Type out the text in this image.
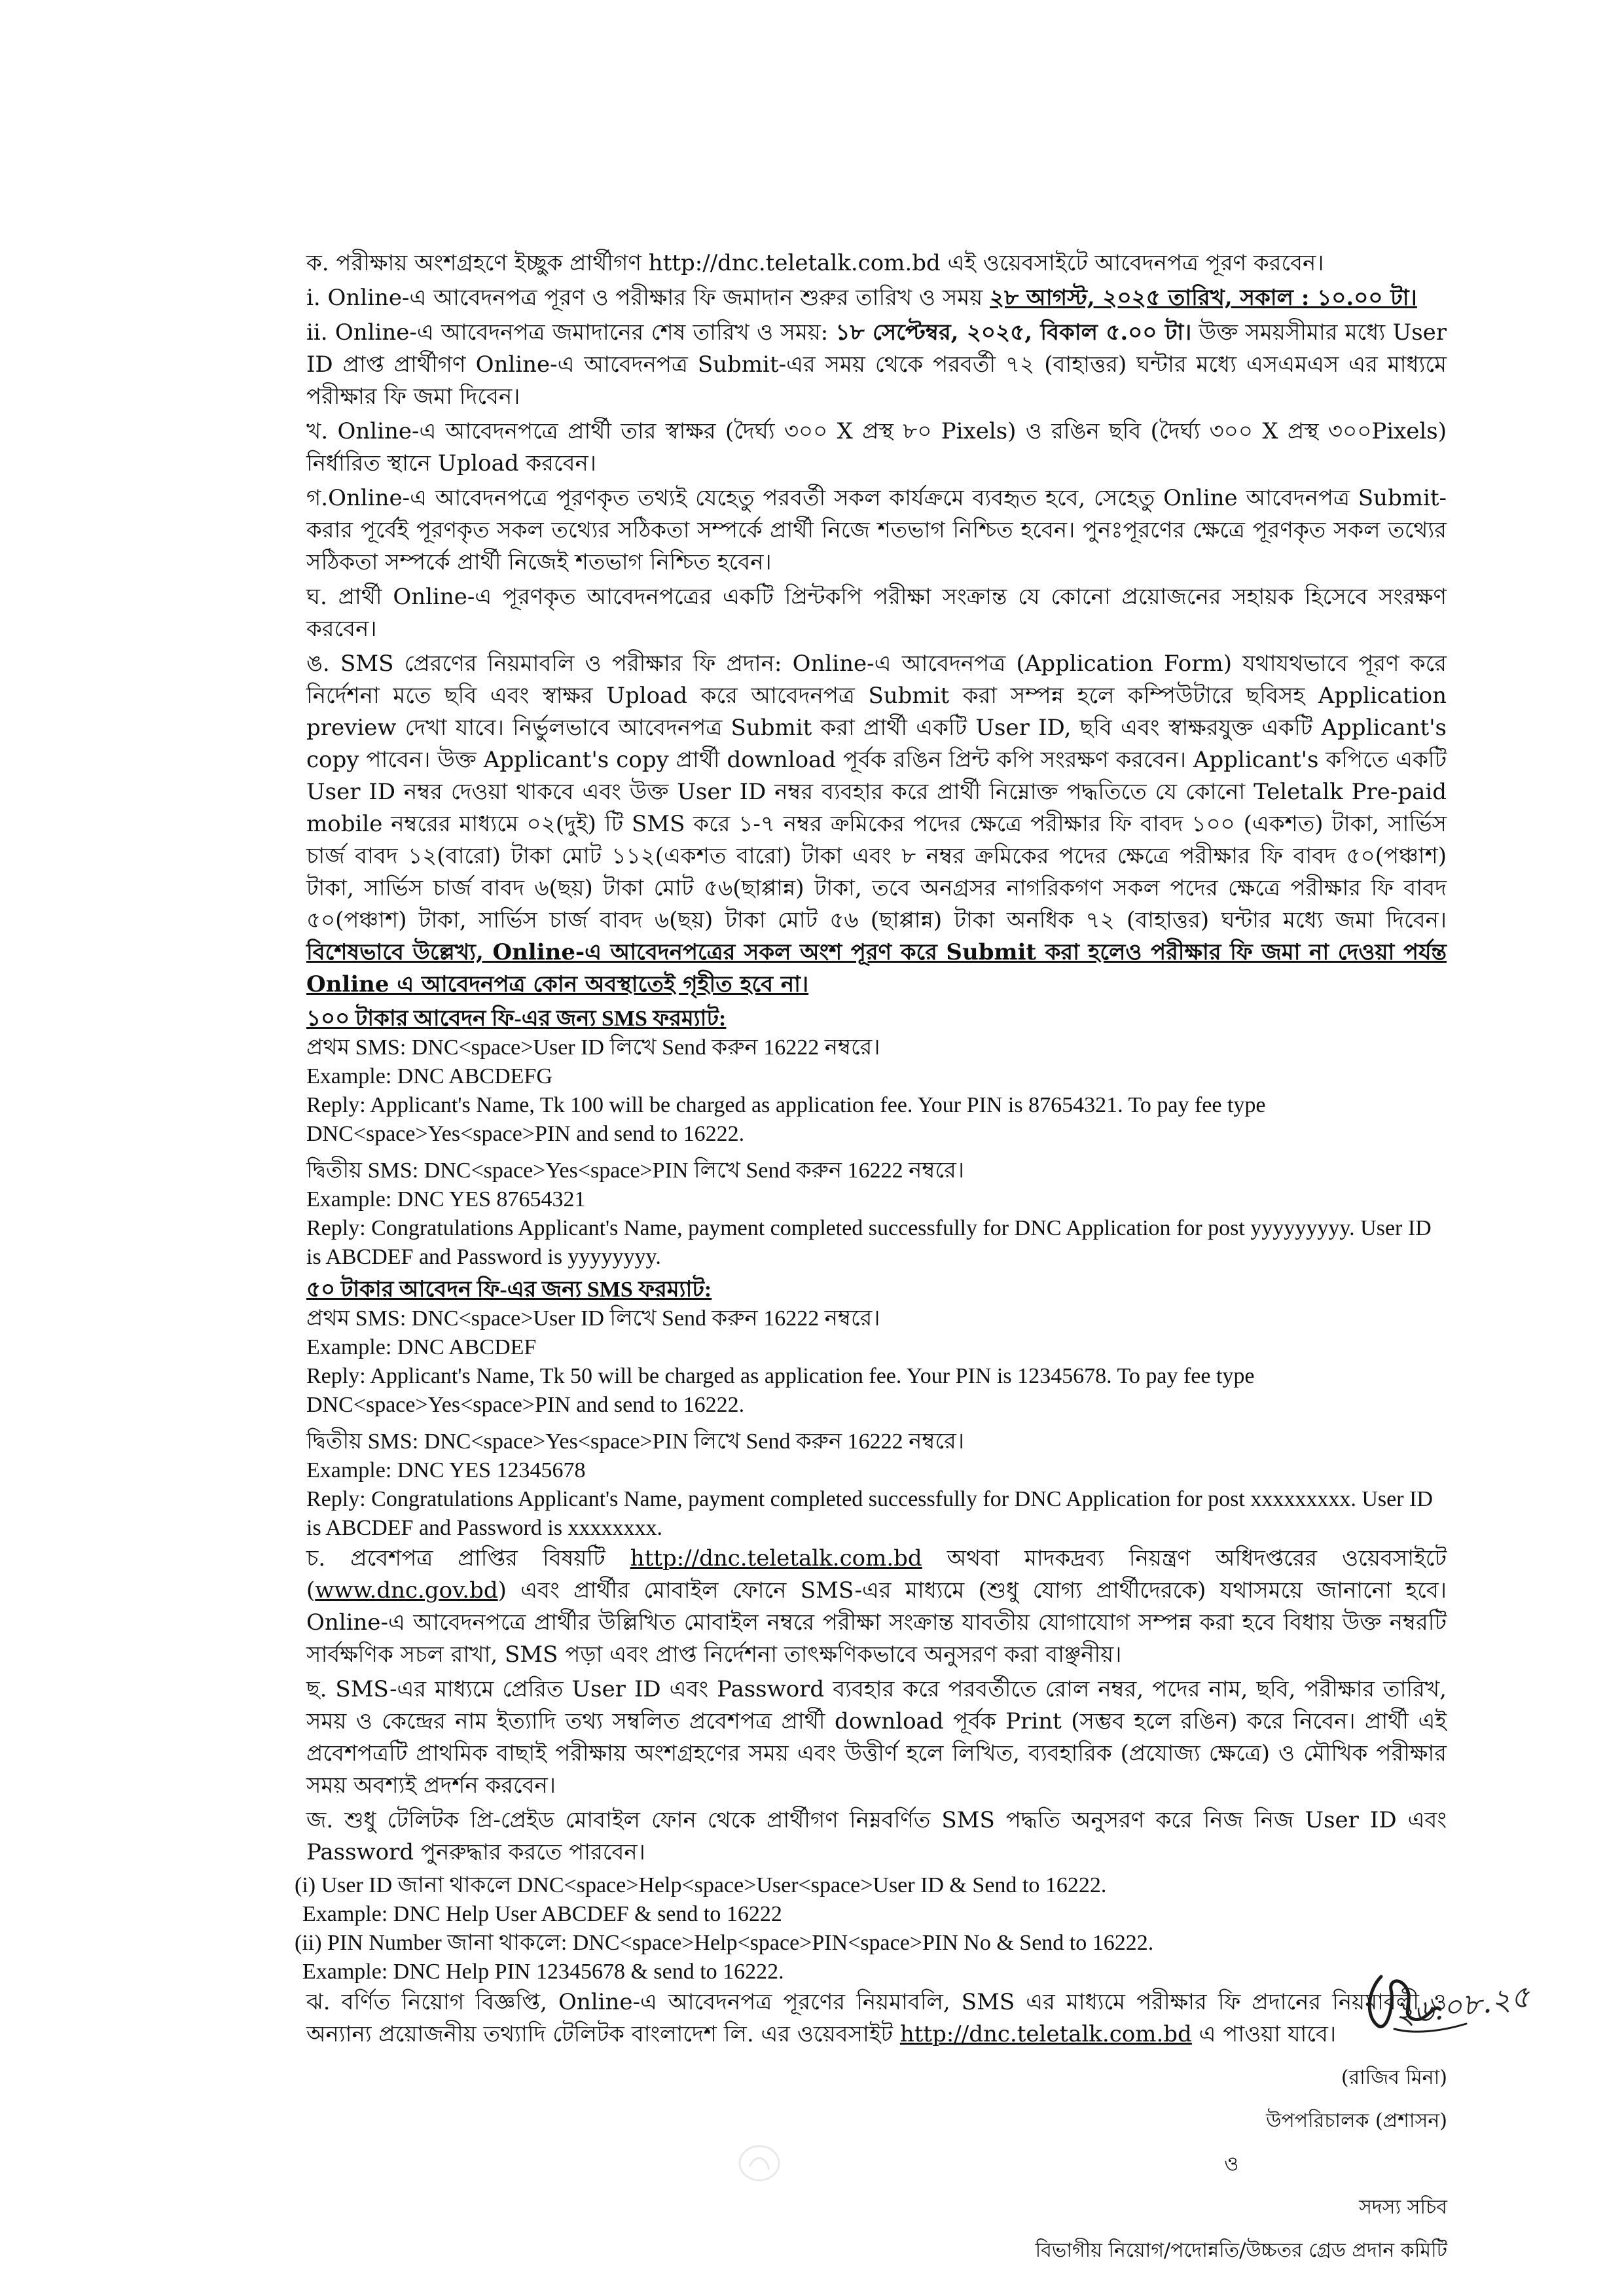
ক. পরীক্ষায় অংশগ্রহণে ইচ্ছুক প্রার্থীগণ http://dnc.teletalk.com.bd এই ওয়েবসাইটে আবেদনপত্র পূরণ করবেন।

i. Online-এ আবেদনপত্র পূরণ ও পরীক্ষার ফি জমাদান শুরুর তারিখ ও সময় ২৮ আগস্ট, ২০২৫ তারিখ, সকাল : ১০.০০ টা।

ii. Online-এ আবেদনপত্র জমাদানের শেষ তারিখ ও সময়: ১৮ সেপ্টেম্বর, ২০২৫, বিকাল ৫.০০ টা। উক্ত সময়সীমার মধ্যে User ID প্রাপ্ত প্রার্থীগণ Online-এ আবেদনপত্র Submit-এর সময় থেকে পরবর্তী ৭২ (বাহাত্তর) ঘন্টার মধ্যে এসএমএস এর মাধ্যমে পরীক্ষার ফি জমা দিবেন।

খ. Online-এ আবেদনপত্রে প্রার্থী তার স্বাক্ষর (দৈর্ঘ্য ৩০০ X প্রস্থ ৮০ Pixels) ও রঙিন ছবি (দৈর্ঘ্য ৩০০ X প্রস্থ ৩০০Pixels) নির্ধারিত স্থানে Upload করবেন।

গ.Online-এ আবেদনপত্রে পূরণকৃত তথ্যই যেহেতু পরবর্তী সকল কার্যক্রমে ব্যবহৃত হবে, সেহেতু Online আবেদনপত্র Submit-করার পূর্বেই পূরণকৃত সকল তথ্যের সঠিকতা সম্পর্কে প্রার্থী নিজে শতভাগ নিশ্চিত হবেন। পুনঃপূরণের ক্ষেত্রে পূরণকৃত সকল তথ্যের সঠিকতা সম্পর্কে প্রার্থী নিজেই শতভাগ নিশ্চিত হবেন।

ঘ. প্রার্থী Online-এ পূরণকৃত আবেদনপত্রের একটি প্রিন্টকপি পরীক্ষা সংক্রান্ত যে কোনো প্রয়োজনের সহায়ক হিসেবে সংরক্ষণ করবেন।

ঙ. SMS প্রেরণের নিয়মাবলি ও পরীক্ষার ফি প্রদান: Online-এ আবেদনপত্র (Application Form) যথাযথভাবে পূরণ করে নির্দেশনা মতে ছবি এবং স্বাক্ষর Upload করে আবেদনপত্র Submit করা সম্পন্ন হলে কম্পিউটারে ছবিসহ Application preview দেখা যাবে। নির্ভুলভাবে আবেদনপত্র Submit করা প্রার্থী একটি User ID, ছবি এবং স্বাক্ষরযুক্ত একটি Applicant's copy পাবেন। উক্ত Applicant's copy প্রার্থী download পূর্বক রঙিন প্রিন্ট কপি সংরক্ষণ করবেন। Applicant's কপিতে একটি User ID নম্বর দেওয়া থাকবে এবং উক্ত User ID নম্বর ব্যবহার করে প্রার্থী নিম্নোক্ত পদ্ধতিতে যে কোনো Teletalk Pre-paid mobile নম্বরের মাধ্যমে ০২(দুই) টি SMS করে ১-৭ নম্বর ক্রমিকের পদের ক্ষেত্রে পরীক্ষার ফি বাবদ ১০০ (একশত) টাকা, সার্ভিস চার্জ বাবদ ১২(বারো) টাকা মোট ১১২(একশত বারো) টাকা এবং ৮ নম্বর ক্রমিকের পদের ক্ষেত্রে পরীক্ষার ফি বাবদ ৫০(পঞ্চাশ) টাকা, সার্ভিস চার্জ বাবদ ৬(ছয়) টাকা মোট ৫৬(ছাপ্পান্ন) টাকা, তবে অনগ্রসর নাগরিকগণ সকল পদের ক্ষেত্রে পরীক্ষার ফি বাবদ ৫০(পঞ্চাশ) টাকা, সার্ভিস চার্জ বাবদ ৬(ছয়) টাকা মোট ৫৬ (ছাপ্পান্ন) টাকা অনধিক ৭২ (বাহাত্তর) ঘন্টার মধ্যে জমা দিবেন। বিশেষভাবে উল্লেখ্য, Online-এ আবেদনপত্রের সকল অংশ পূরণ করে Submit করা হলেও পরীক্ষার ফি জমা না দেওয়া পর্যন্ত Online এ আবেদনপত্র কোন অবস্থাতেই গৃহীত হবে না।

১০০ টাকার আবেদন ফি-এর জন্য SMS ফরম্যাট:
প্রথম SMS: DNC<space>User ID লিখে Send করুন 16222 নম্বরে।
Example: DNC ABCDEFG
Reply: Applicant's Name, Tk 100 will be charged as application fee. Your PIN is 87654321. To pay fee type DNC<space>Yes<space>PIN and send to 16222.
দ্বিতীয় SMS: DNC<space>Yes<space>PIN লিখে Send করুন 16222 নম্বরে।
Example: DNC YES 87654321
Reply: Congratulations Applicant's Name, payment completed successfully for DNC Application for post yyyyyyyyy. User ID is ABCDEF and Password is yyyyyyyy.
৫০ টাকার আবেদন ফি-এর জন্য SMS ফরম্যাট:
প্রথম SMS: DNC<space>User ID লিখে Send করুন 16222 নম্বরে।
Example: DNC ABCDEF
Reply: Applicant's Name, Tk 50 will be charged as application fee. Your PIN is 12345678. To pay fee type DNC<space>Yes<space>PIN and send to 16222.
দ্বিতীয় SMS: DNC<space>Yes<space>PIN লিখে Send করুন 16222 নম্বরে।
Example: DNC YES 12345678
Reply: Congratulations Applicant's Name, payment completed successfully for DNC Application for post xxxxxxxxx. User ID is ABCDEF and Password is xxxxxxxx.

চ. প্রবেশপত্র প্রাপ্তির বিষয়টি http://dnc.teletalk.com.bd অথবা মাদকদ্রব্য নিয়ন্ত্রণ অধিদপ্তরের ওয়েবসাইটে (www.dnc.gov.bd) এবং প্রার্থীর মোবাইল ফোনে SMS-এর মাধ্যমে (শুধু যোগ্য প্রার্থীদেরকে) যথাসময়ে জানানো হবে। Online-এ আবেদনপত্রে প্রার্থীর উল্লিখিত মোবাইল নম্বরে পরীক্ষা সংক্রান্ত যাবতীয় যোগাযোগ সম্পন্ন করা হবে বিধায় উক্ত নম্বরটি সার্বক্ষণিক সচল রাখা, SMS পড়া এবং প্রাপ্ত নির্দেশনা তাৎক্ষণিকভাবে অনুসরণ করা বাঞ্ছনীয়।

ছ. SMS-এর মাধ্যমে প্রেরিত User ID এবং Password ব্যবহার করে পরবর্তীতে রোল নম্বর, পদের নাম, ছবি, পরীক্ষার তারিখ, সময় ও কেন্দ্রের নাম ইত্যাদি তথ্য সম্বলিত প্রবেশপত্র প্রার্থী download পূর্বক Print (সম্ভব হলে রঙিন) করে নিবেন। প্রার্থী এই প্রবেশপত্রটি প্রাথমিক বাছাই পরীক্ষায় অংশগ্রহণের সময় এবং উত্তীর্ণ হলে লিখিত, ব্যবহারিক (প্রযোজ্য ক্ষেত্রে) ও মৌখিক পরীক্ষার সময় অবশ্যই প্রদর্শন করবেন।

জ. শুধু টেলিটক প্রি-প্রেইড মোবাইল ফোন থেকে প্রার্থীগণ নিম্নবর্ণিত SMS পদ্ধতি অনুসরণ করে নিজ নিজ User ID এবং Password পুনরুদ্ধার করতে পারবেন।

(i) User ID জানা থাকলে DNC<space>Help<space>User<space>User ID & Send to 16222.
Example: DNC Help User ABCDEF & send to 16222
(ii) PIN Number জানা থাকলে: DNC<space>Help<space>PIN<space>PIN No & Send to 16222.
Example: DNC Help PIN 12345678 & send to 16222.

ঝ. বর্ণিত নিয়োগ বিজ্ঞপ্তি, Online-এ আবেদনপত্র পূরণের নিয়মাবলি, SMS এর মাধ্যমে পরীক্ষার ফি প্রদানের নিয়মাবলী ও অন্যান্য প্রয়োজনীয় তথ্যাদি টেলিটক বাংলাদেশ লি. এর ওয়েবসাইট http://dnc.teletalk.com.bd এ পাওয়া যাবে।

২৬.০৮.২৫
(রাজিব মিনা)
উপপরিচালক (প্রশাসন)
ও
সদস্য সচিব
বিভাগীয় নিয়োগ/পদোন্নতি/উচ্চতর গ্রেড প্রদান কমিটি
